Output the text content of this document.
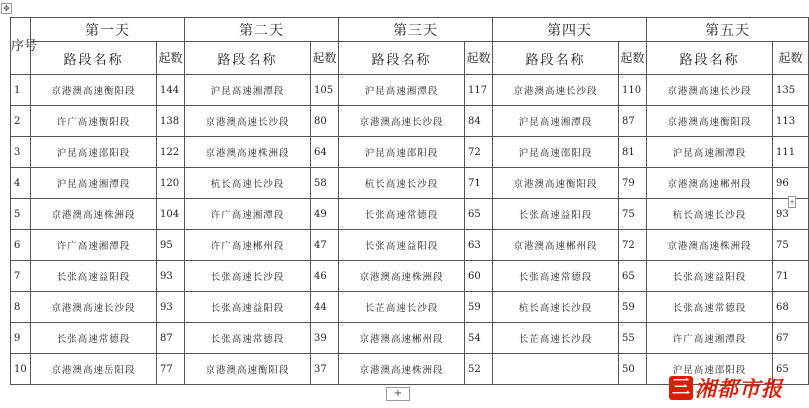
✥
序号	第一天		第二天		第三天		第四天		第五天	
	路段名称	起数	路段名称	起数	路段名称	起数	路段名称	起数	路段名称	起数
1	京港澳高速衡阳段	144	沪昆高速湘潭段	105	沪昆高速湘潭段	117	京港澳高速长沙段	110	京港澳高速长沙段	135
2	许广高速衡阳段	138	京港澳高速长沙段	80	京港澳高速长沙段	84	沪昆高速湘潭段	87	京港澳高速衡阳段	113
3	沪昆高速邵阳段	122	京港澳高速株洲段	64	沪昆高速邵阳段	72	沪昆高速邵阳段	81	沪昆高速湘潭段	111
4	沪昆高速湘潭段	120	杭长高速长沙段	58	杭长高速长沙段	71	京港澳高速衡阳段	79	京港澳高速郴州段	96
5	京港澳高速株洲段	104	许广高速湘潭段	49	长张高速常德段	65	长张高速益阳段	75	杭长高速长沙段	93
6	许广高速湘潭段	95	许广高速郴州段	47	长张高速益阳段	63	京港澳高速郴州段	72	京港澳高速株洲段	75
7	长张高速益阳段	93	长张高速长沙段	46	京港澳高速株洲段	60	长张高速常德段	65	长张高速益阳段	71
8	京港澳高速长沙段	93	长张高速益阳段	44	长芷高速长沙段	59	杭长高速长沙段	59	长张高速常德段	68
9	长张高速常德段	87	长张高速常德段	39	京港澳高速郴州段	54	长芷高速长沙段	55	许广高速湘潭段	67
10	京港澳高速岳阳段	77	京港澳高速衡阳段	37	京港澳高速株洲段	52		50	沪昆高速邵阳段	65
+
+	三 湘都市报
